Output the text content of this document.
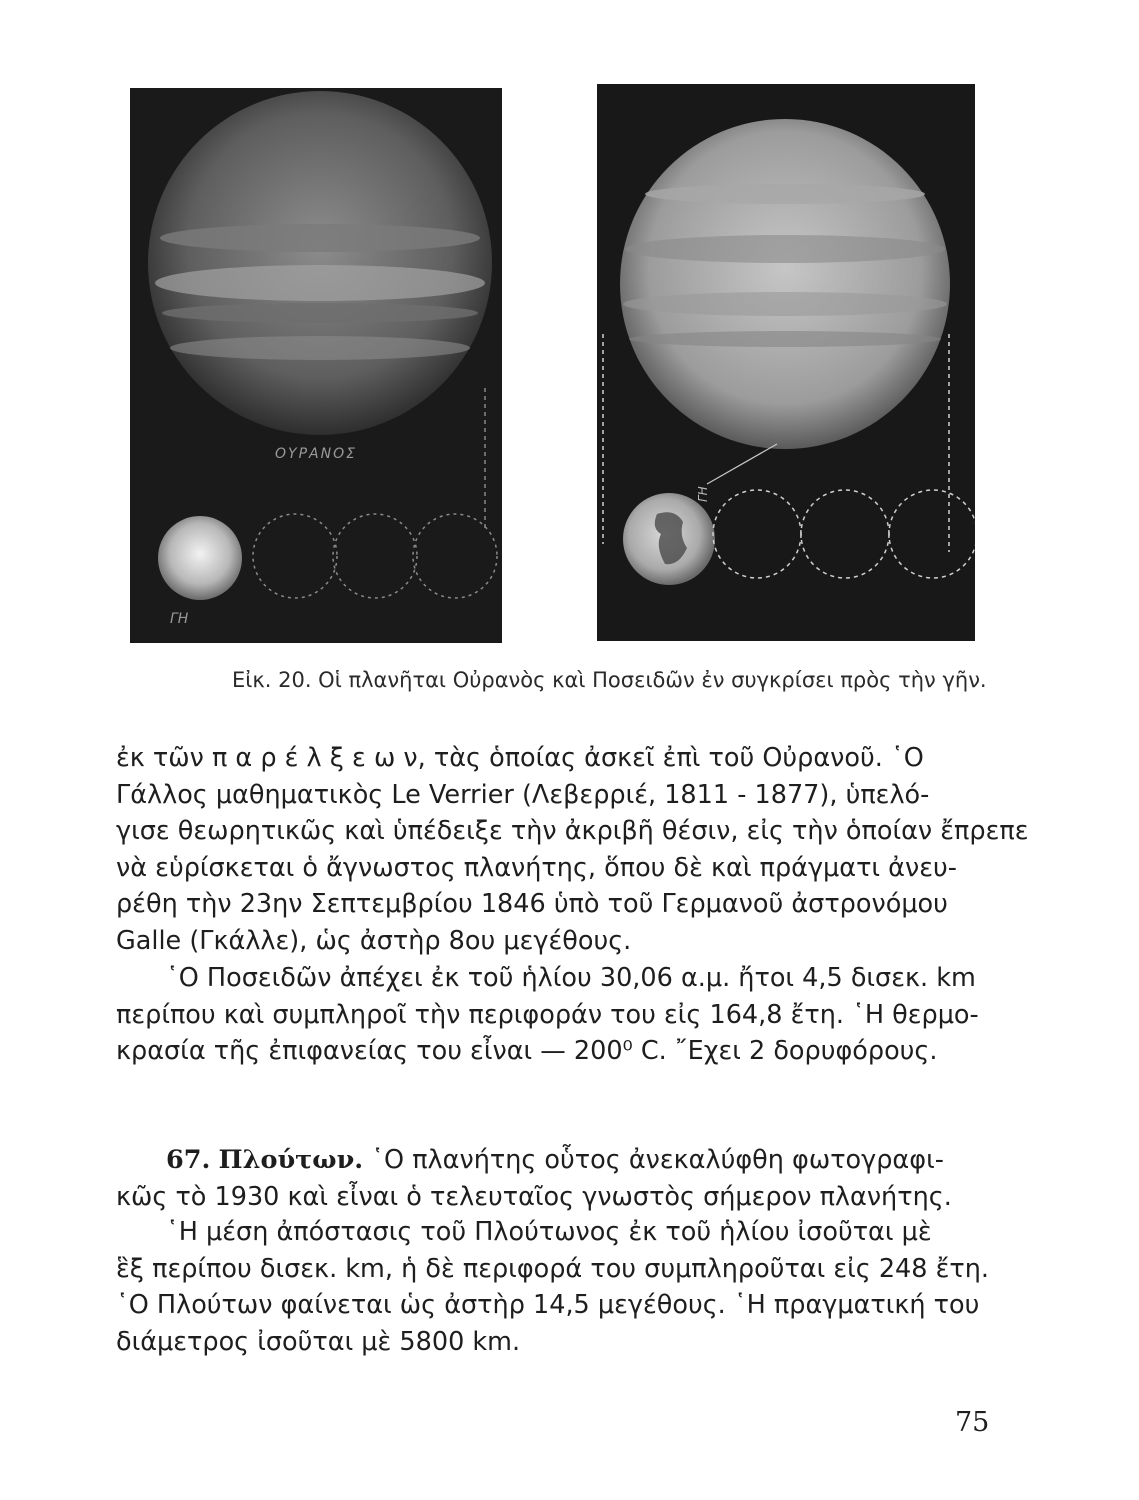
ΟΥΡΑΝΟΣ
ΓΗ
ΓΗ
Εἰκ. 20. Οἱ πλανῆται Οὐρανὸς καὶ Ποσειδῶν ἐν συγκρίσει πρὸς τὴν γῆν.

ἐκ τῶν π α ρ έ λ ξ ε ω ν, τὰς ὁποίας ἀσκεῖ ἐπὶ τοῦ Οὐρανοῦ. ῾Ο
Γάλλος μαθηματικὸς Le Verrier (Λεβερριέ, 1811 - 1877), ὑπελό-
γισε θεωρητικῶς καὶ ὑπέδειξε τὴν ἀκριβῆ θέσιν, εἰς τὴν ὁποίαν ἔπρεπε
νὰ εὑρίσκεται ὁ ἄγνωστος πλανήτης, ὅπου δὲ καὶ πράγματι ἀνευ-
ρέθη τὴν 23ην Σεπτεμβρίου 1846 ὑπὸ τοῦ Γερμανοῦ ἀστρονόμου
Galle (Γκάλλε), ὡς ἀστὴρ 8ου μεγέθους.

῾Ο Ποσειδῶν ἀπέχει ἐκ τοῦ ἡλίου 30,06 α.μ. ἤτοι 4,5 δισεκ. km
περίπου καὶ συμπληροῖ τὴν περιφοράν του εἰς 164,8 ἔτη. ῾Η θερμο-
κρασία τῆς ἐπιφανείας του εἶναι — 200⁰ C. ῎Εχει 2 δορυφόρους.

67. Πλούτων. ῾Ο πλανήτης οὗτος ἀνεκαλύφθη φωτογραφι-
κῶς τὸ 1930 καὶ εἶναι ὁ τελευταῖος γνωστὸς σήμερον πλανήτης.

῾Η μέση ἀπόστασις τοῦ Πλούτωνος ἐκ τοῦ ἡλίου ἰσοῦται μὲ
ἓξ περίπου δισεκ. km, ἡ δὲ περιφορά του συμπληροῦται εἰς 248 ἔτη.
῾Ο Πλούτων φαίνεται ὡς ἀστὴρ 14,5 μεγέθους. ῾Η πραγματική του
διάμετρος ἰσοῦται μὲ 5800 km.

75
